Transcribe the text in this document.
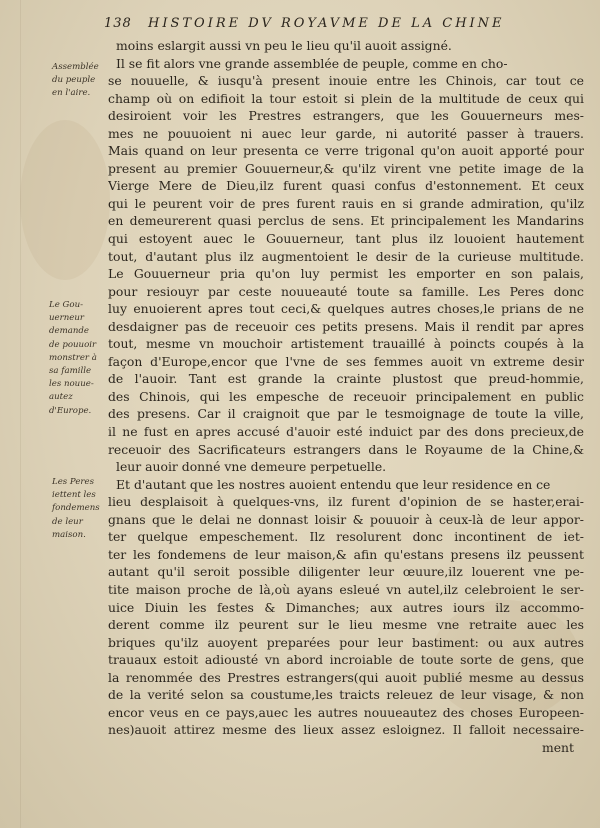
138 HISTOIRE DV ROYAVME DE LA CHINE
Assemblée
du peuple
en l'aire.
Le Gou-
uerneur
demande
de pouuoir
monstrer à
sa famille
les nouue-
autez
d'Europe.
Les Peres
iettent les
fondemens
de leur
maison.
moins eslargit aussi vn peu le lieu qu'il auoit assigné.
Il se fit alors vne grande assemblée de peuple, comme en cho-
se nouuelle, & iusqu'à present inouie entre les Chinois, car tout ce
champ où on edifioit la tour estoit si plein de la multitude de ceux qui
desiroient voir les Prestres estrangers, que les Gouuerneurs mes-
mes ne pouuoient ni auec leur garde, ni autorité passer à trauers.
Mais quand on leur presenta ce verre trigonal qu'on auoit apporté pour
present au premier Gouuerneur,& qu'ilz virent vne petite image de la
Vierge Mere de Dieu,ilz furent quasi confus d'estonnement. Et ceux
qui le peurent voir de pres furent rauis en si grande admiration, qu'ilz
en demeurerent quasi perclus de sens. Et principalement les Mandarins
qui estoyent auec le Gouuerneur, tant plus ilz louoient hautement
tout, d'autant plus ilz augmentoient le desir de la curieuse multitude.
Le Gouuerneur pria qu'on luy permist les emporter en son palais,
pour resiouyr par ceste nouueauté toute sa famille. Les Peres donc
luy enuoierent apres tout ceci,& quelques autres choses,le prians de ne
desdaigner pas de receuoir ces petits presens. Mais il rendit par apres
tout, mesme vn mouchoir artistement trauaillé à poincts coupés à la
façon d'Europe,encor que l'vne de ses femmes auoit vn extreme desir
de l'auoir. Tant est grande la crainte plustost que preud-hommie,
des Chinois, qui les empesche de receuoir principalement en public
des presens. Car il craignoit que par le tesmoignage de toute la ville,
il ne fust en apres accusé d'auoir esté induict par des dons precieux,de
receuoir des Sacrificateurs estrangers dans le Royaume de la Chine,&
leur auoir donné vne demeure perpetuelle.
Et d'autant que les nostres auoient entendu que leur residence en ce
lieu desplaisoit à quelques-vns, ilz furent d'opinion de se haster,erai-
gnans que le delai ne donnast loisir & pouuoir à ceux-là de leur appor-
ter quelque empeschement. Ilz resolurent donc incontinent de iet-
ter les fondemens de leur maison,& afin qu'estans presens ilz peussent
autant qu'il seroit possible diligenter leur œuure,ilz louerent vne pe-
tite maison proche de là,où ayans esleué vn autel,ilz celebroient le ser-
uice Diuin les festes & Dimanches; aux autres iours ilz accommo-
derent comme ilz peurent sur le lieu mesme vne retraite auec les
briques qu'ilz auoyent preparées pour leur bastiment: ou aux autres
trauaux estoit adiousté vn abord incroiable de toute sorte de gens, que
la renommée des Prestres estrangers(qui auoit publié mesme au dessus
de la verité selon sa coustume,les traicts releuez de leur visage, & non
encor veus en ce pays,auec les autres nouueautez des choses Europeen-
nes)auoit attirez mesme des lieux assez esloignez. Il falloit necessaire-
ment
